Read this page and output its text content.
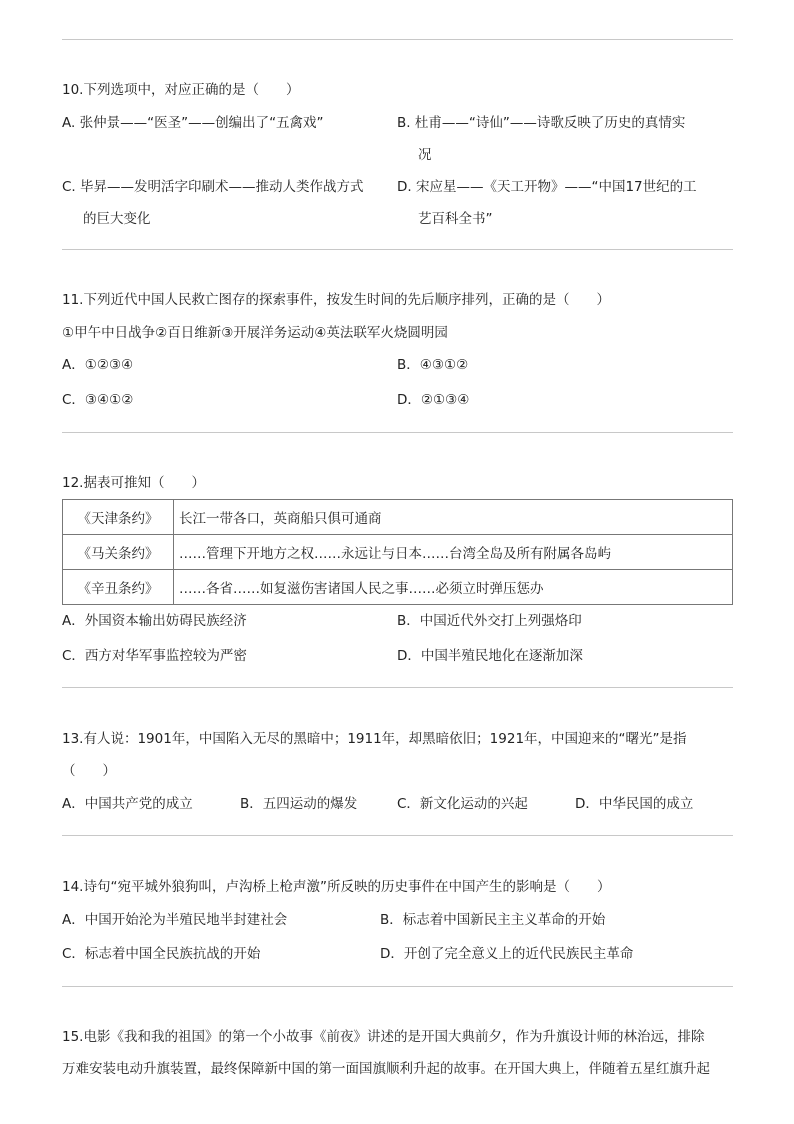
10.下列选项中，对应正确的是（　　）
A. 张仲景——“医圣”——创编出了“五禽戏”	B. 杜甫——“诗仙”——诗歌反映了历史的真情实
况
C. 毕昇——发明活字印刷术——推动人类作战方式
的巨大变化
D. 宋应星——《天工开物》——“中国17世纪的工
艺百科全书”
11.下列近代中国人民救亡图存的探索事件，按发生时间的先后顺序排列，正确的是（　　）
①甲午中日战争②百日维新③开展洋务运动④英法联军火烧圆明园
A．①②③④	B．④③①②
C．③④①②	D．②①③④
12.据表可推知（　　）
《天津条约》	长江一带各口，英商船只俱可通商
《马关条约》	……管理下开地方之权……永远让与日本……台湾全岛及所有附属各岛屿
《辛丑条约》	……各省……如复滋伤害诸国人民之事……必须立时弹压惩办
A．外国资本输出妨碍民族经济	B．中国近代外交打上列强烙印
C．西方对华军事监控较为严密	D．中国半殖民地化在逐渐加深
13.有人说：1901年，中国陷入无尽的黑暗中；1911年，却黑暗依旧；1921年，中国迎来的“曙光”是指
（　　）
A．中国共产党的成立	B．五四运动的爆发	C．新文化运动的兴起	D．中华民国的成立
14.诗句“宛平城外狼狗叫，卢沟桥上枪声激”所反映的历史事件在中国产生的影响是（　　）
A．中国开始沦为半殖民地半封建社会	B．标志着中国新民主主义革命的开始
C．标志着中国全民族抗战的开始	D．开创了完全意义上的近代民族民主革命
15.电影《我和我的祖国》的第一个小故事《前夜》讲述的是开国大典前夕，作为升旗设计师的林治远，排除
万难安装电动升旗装置，最终保障新中国的第一面国旗顺利升起的故事。在开国大典上，伴随着五星红旗升起
